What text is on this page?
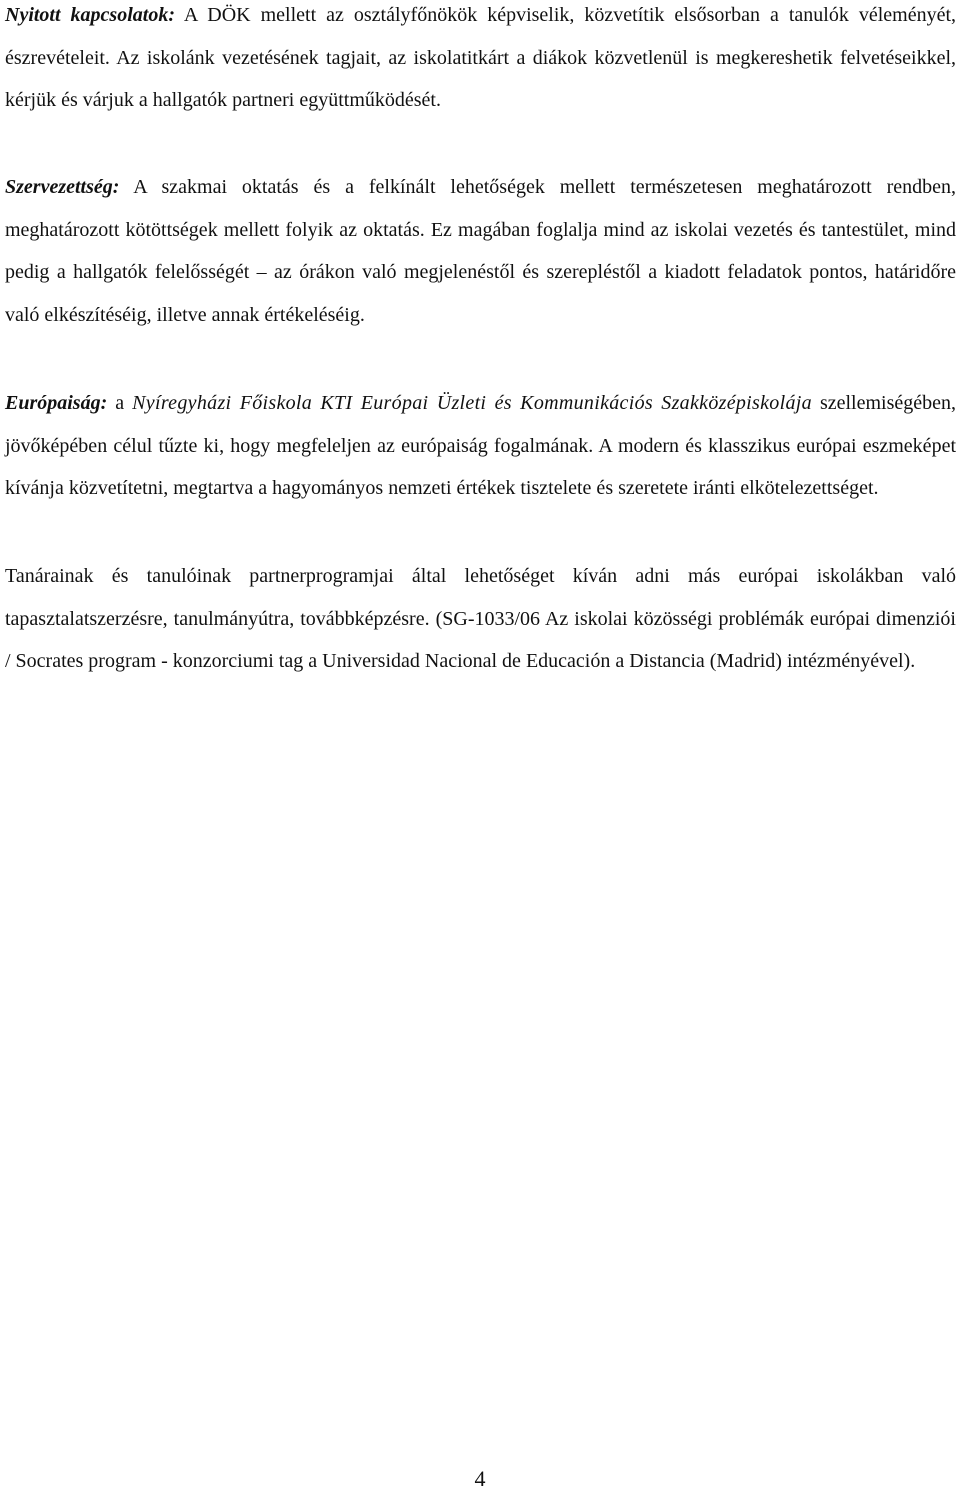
Nyitott kapcsolatok: A DÖK mellett az osztályfőnökök képviselik, közvetítik elsősorban a tanulók véleményét, észrevételeit. Az iskolánk vezetésének tagjait, az iskolatitkárt a diákok közvetlenül is megkereshetik felvetéseikkel, kérjük és várjuk a hallgatók partneri együttműködését.

Szervezettség: A szakmai oktatás és a felkínált lehetőségek mellett természetesen meghatározott rendben, meghatározott kötöttségek mellett folyik az oktatás. Ez magában foglalja mind az iskolai vezetés és tantestület, mind pedig a hallgatók felelősségét – az órákon való megjelenéstől és szerepléstől a kiadott feladatok pontos, határidőre való elkészítéséig, illetve annak értékeléséig.

Európaiság: a Nyíregyházi Főiskola KTI Európai Üzleti és Kommunikációs Szakközépiskolája szellemiségében, jövőképében célul tűzte ki, hogy megfeleljen az európaiság fogalmának. A modern és klasszikus európai eszmeképet kívánja közvetítetni, megtartva a hagyományos nemzeti értékek tisztelete és szeretete iránti elkötelezettséget.

Tanárainak és tanulóinak partnerprogramjai által lehetőséget kíván adni más európai iskolákban való tapasztalatszerzésre, tanulmányútra, továbbképzésre. (SG-1033/06 Az iskolai közösségi problémák európai dimenziói / Socrates program - konzorciumi tag a Universidad Nacional de Educación a Distancia (Madrid) intézményével).

4
